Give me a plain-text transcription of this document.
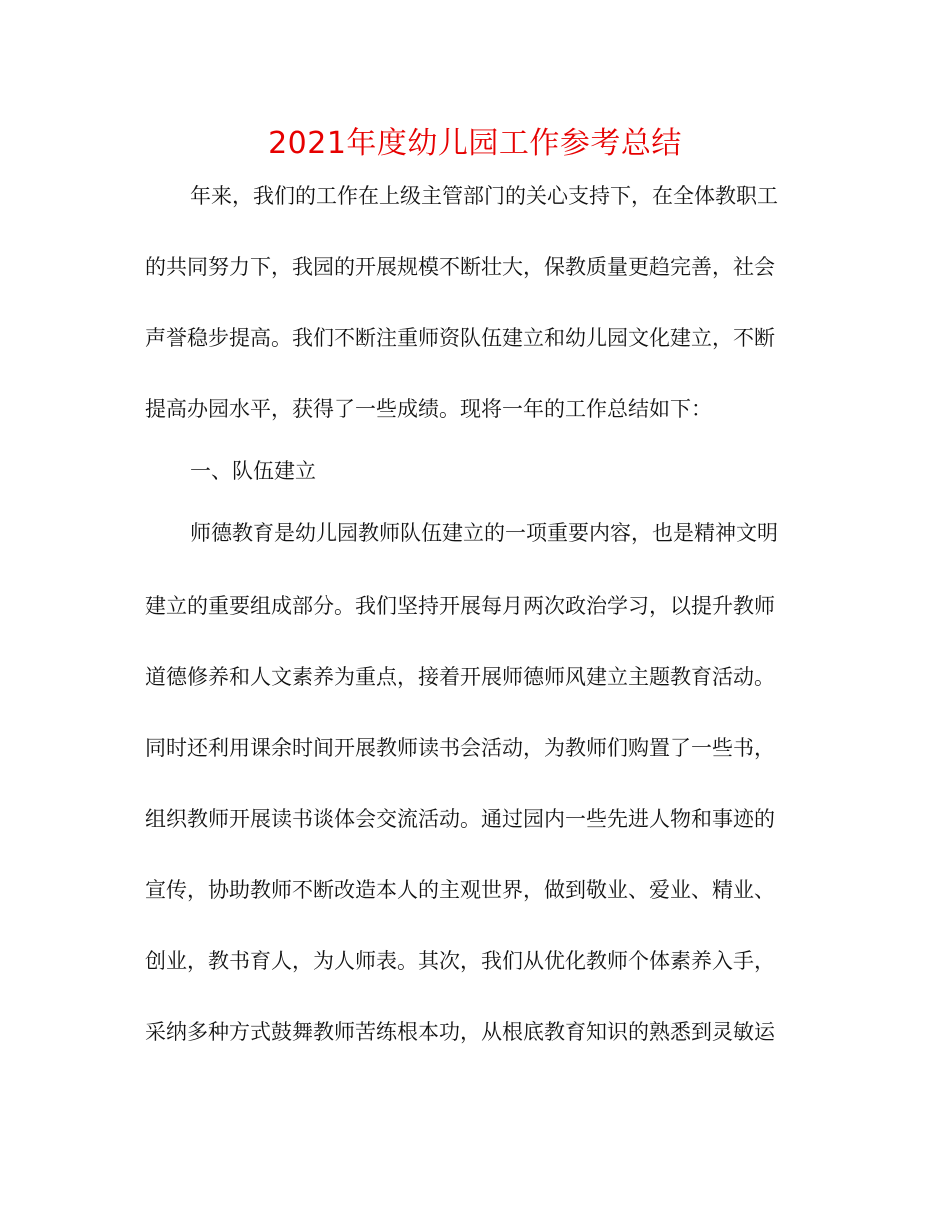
2021年度幼儿园工作参考总结
年来，我们的工作在上级主管部门的关心支持下，在全体教职工
的共同努力下，我园的开展规模不断壮大，保教质量更趋完善，社会
声誉稳步提高。我们不断注重师资队伍建立和幼儿园文化建立，不断
提高办园水平，获得了一些成绩。现将一年的工作总结如下：
一、队伍建立
师德教育是幼儿园教师队伍建立的一项重要内容，也是精神文明
建立的重要组成部分。我们坚持开展每月两次政治学习，以提升教师
道德修养和人文素养为重点，接着开展师德师风建立主题教育活动。
同时还利用课余时间开展教师读书会活动，为教师们购置了一些书，
组织教师开展读书谈体会交流活动。通过园内一些先进人物和事迹的
宣传，协助教师不断改造本人的主观世界，做到敬业、爱业、精业、
创业，教书育人，为人师表。其次，我们从优化教师个体素养入手，
采纳多种方式鼓舞教师苦练根本功，从根底教育知识的熟悉到灵敏运
